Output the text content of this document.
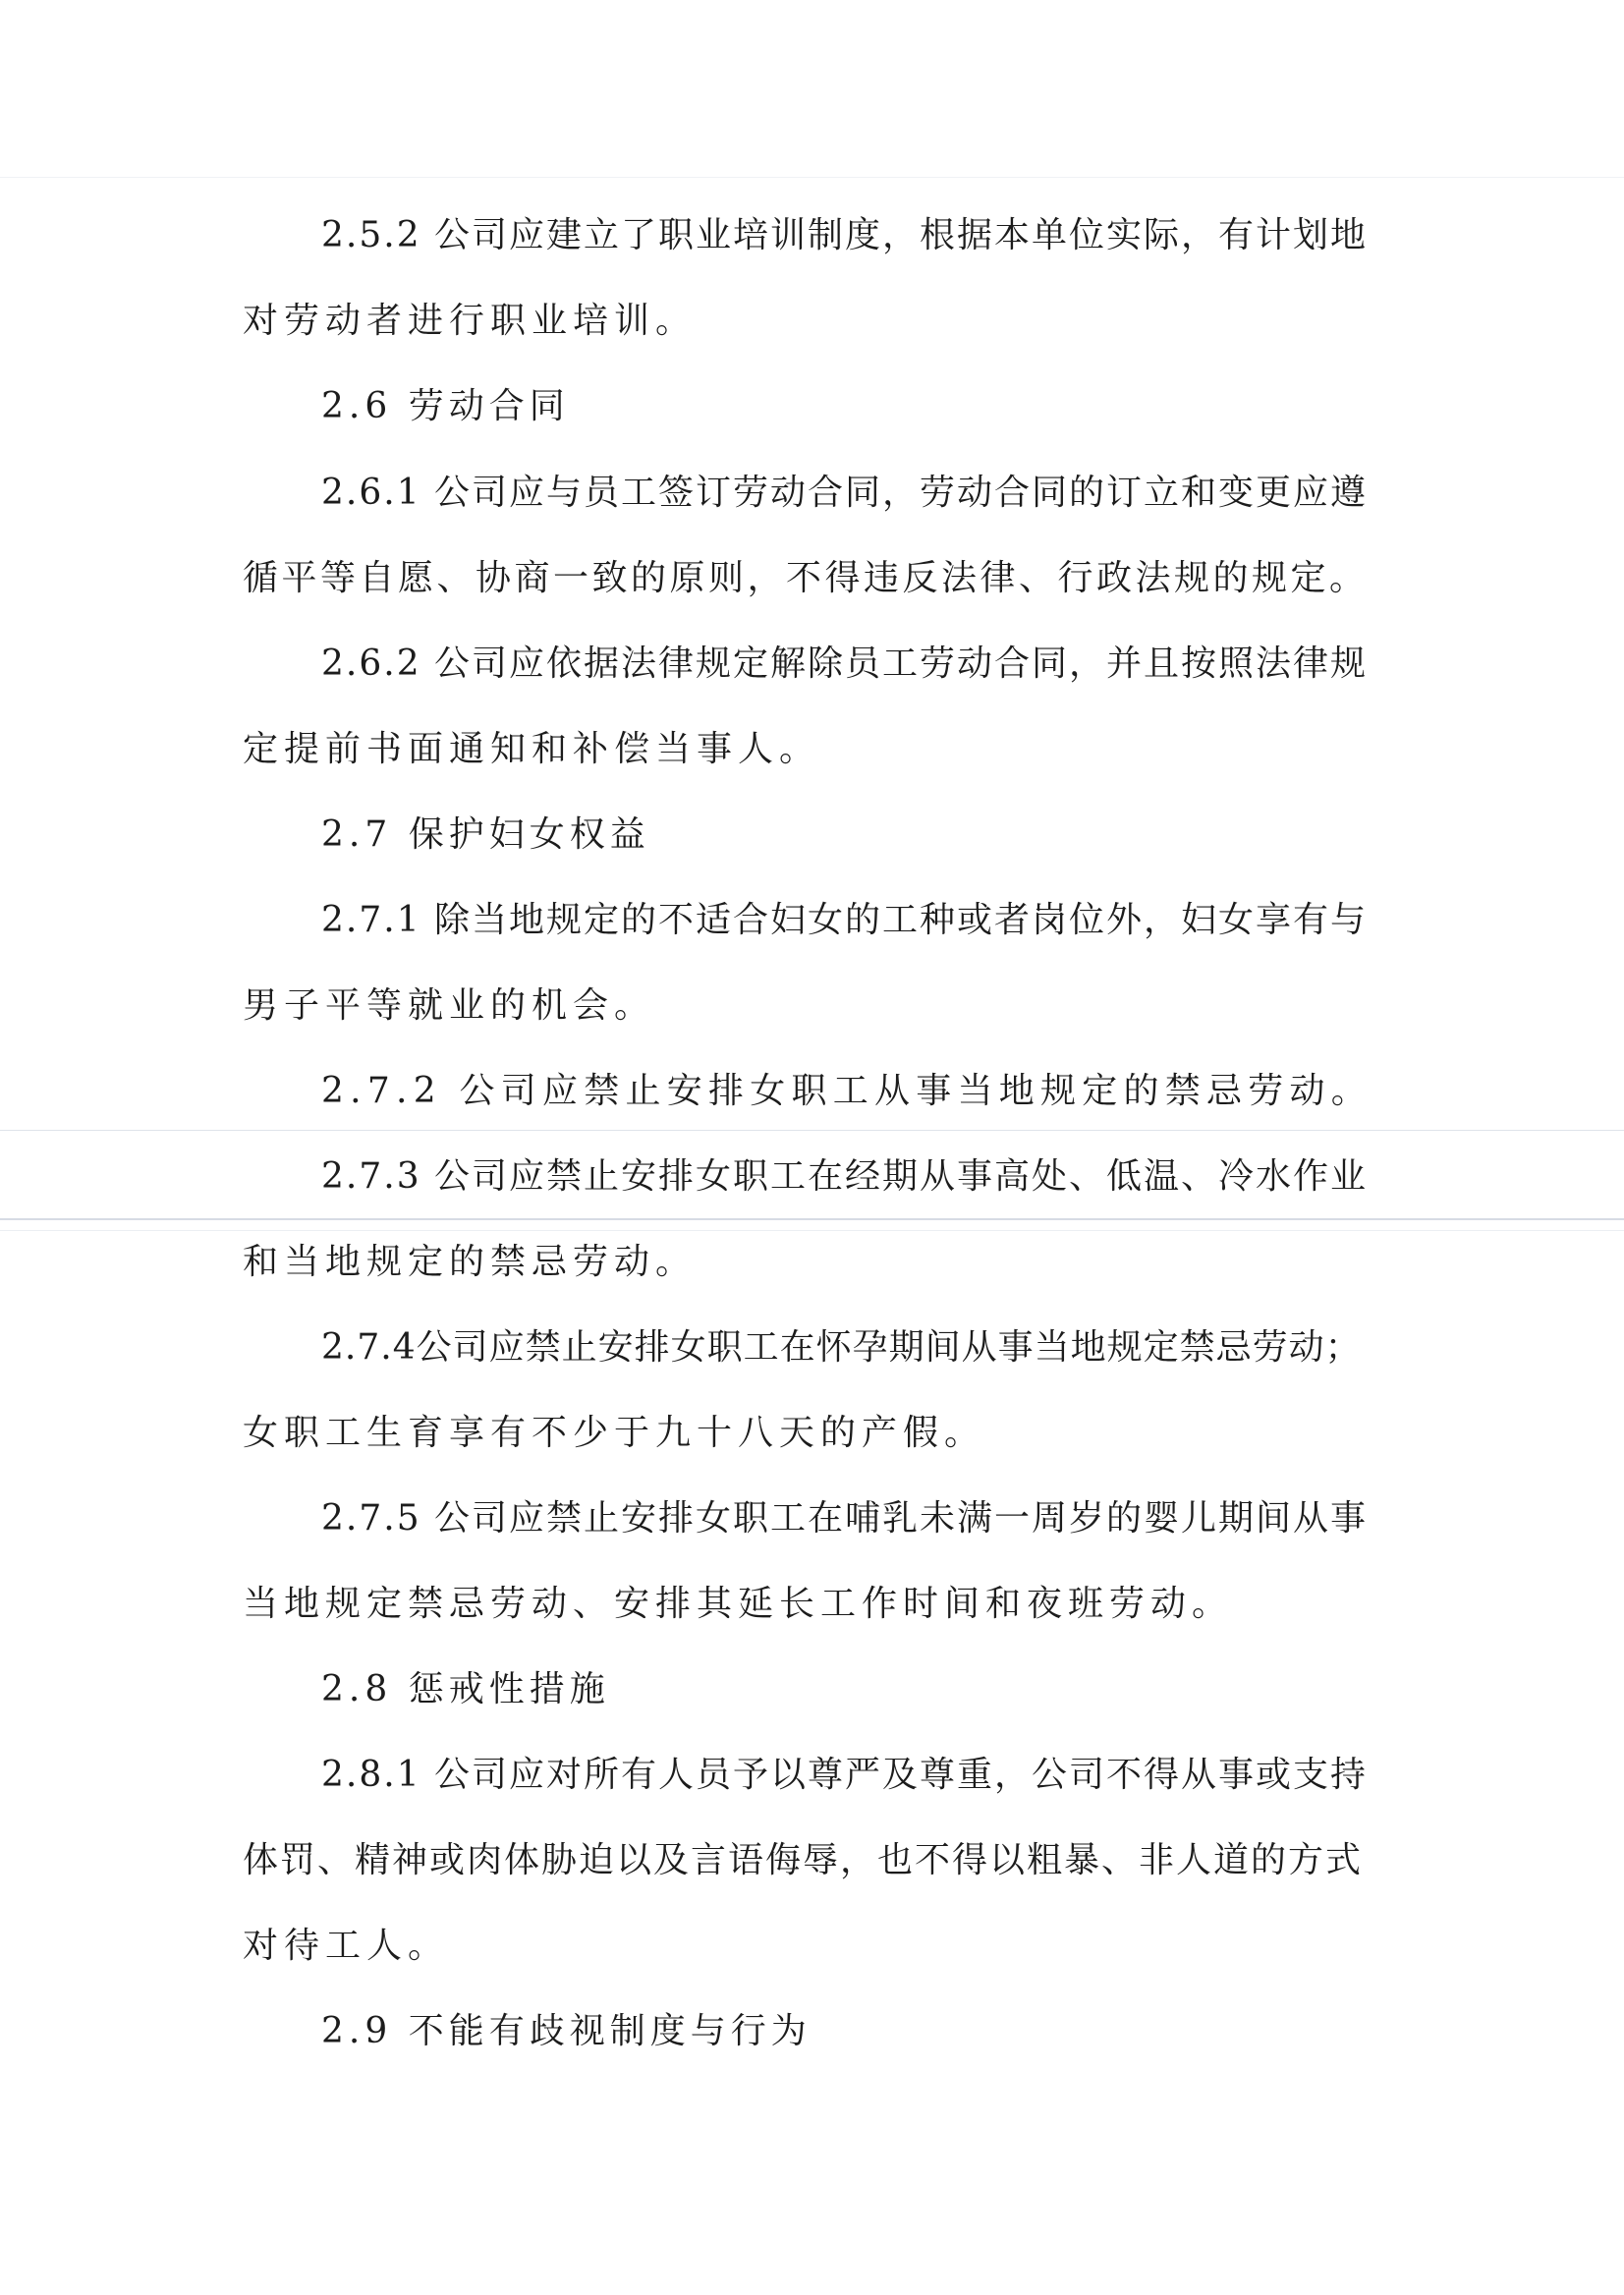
2.5.2 公司应建立了职业培训制度，根据本单位实际，有计划地
对劳动者进行职业培训。
2.6 劳动合同
2.6.1 公司应与员工签订劳动合同，劳动合同的订立和变更应遵
循平等自愿、协商一致的原则，不得违反法律、行政法规的规定。
2.6.2 公司应依据法律规定解除员工劳动合同，并且按照法律规
定提前书面通知和补偿当事人。
2.7 保护妇女权益
2.7.1 除当地规定的不适合妇女的工种或者岗位外，妇女享有与
男子平等就业的机会。
2.7.2 公司应禁止安排女职工从事当地规定的禁忌劳动。
2.7.3 公司应禁止安排女职工在经期从事高处、低温、冷水作业
和当地规定的禁忌劳动。
2.7.4公司应禁止安排女职工在怀孕期间从事当地规定禁忌劳动；
女职工生育享有不少于九十八天的产假。
2.7.5 公司应禁止安排女职工在哺乳未满一周岁的婴儿期间从事
当地规定禁忌劳动、安排其延长工作时间和夜班劳动。
2.8 惩戒性措施
2.8.1 公司应对所有人员予以尊严及尊重，公司不得从事或支持
体罚、精神或肉体胁迫以及言语侮辱，也不得以粗暴、非人道的方式
对待工人。
2.9 不能有歧视制度与行为
